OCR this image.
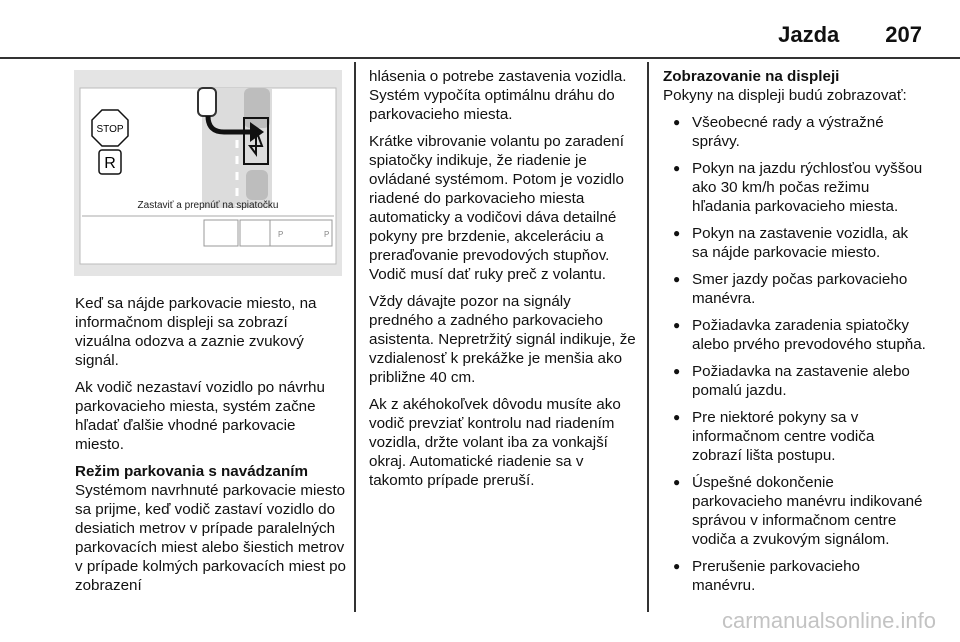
Jazda 207
STOP
R
Zastaviť a prepnúť na spiatočku
P	P

Keď sa nájde parkovacie miesto, na informačnom displeji sa zobrazí vizuálna odozva a zaznie zvukový signál.

Ak vodič nezastaví vozidlo po návrhu parkovacieho miesta, systém začne hľadať ďalšie vhodné parkovacie miesto.

Režim parkovania s navádzaním

Systémom navrhnuté parkovacie miesto sa prijme, keď vodič zastaví vozidlo do desiatich metrov v prípade paralelných parkovacích miest alebo šiestich metrov v prípade kolmých parkovacích miest po zobrazení

hlásenia o potrebe zastavenia vozidla. Systém vypočíta optimálnu dráhu do parkovacieho miesta.

Krátke vibrovanie volantu po zaradení spiatočky indikuje, že riadenie je ovládané systémom. Potom je vozidlo riadené do parkovacieho miesta automaticky a vodičovi dáva detailné pokyny pre brzdenie, akceleráciu a preraďovanie prevodových stupňov. Vodič musí dať ruky preč z volantu.

Vždy dávajte pozor na signály predného a zadného parkovacieho asistenta. Nepretržitý signál indikuje, že vzdialenosť k prekážke je menšia ako približne 40 cm.

Ak z akéhokoľvek dôvodu musíte ako vodič prevziať kontrolu nad riadením vozidla, držte volant iba za vonkajší okraj. Automatické riadenie sa v takomto prípade preruší.

Zobrazovanie na displeji

Pokyny na displeji budú zobrazovať:

● Všeobecné rady a výstražné správy.
● Pokyn na jazdu rýchlosťou vyššou ako 30 km/h počas režimu hľadania parkovacieho miesta.
● Pokyn na zastavenie vozidla, ak sa nájde parkovacie miesto.
● Smer jazdy počas parkovacieho manévra.
● Požiadavka zaradenia spiatočky alebo prvého prevodového stupňa.
● Požiadavka na zastavenie alebo pomalú jazdu.
● Pre niektoré pokyny sa v informačnom centre vodiča zobrazí lišta postupu.
● Úspešné dokončenie parkovacieho manévru indikované správou v informačnom centre vodiča a zvukovým signálom.
● Prerušenie parkovacieho manévru.
carmanualsonline.info
